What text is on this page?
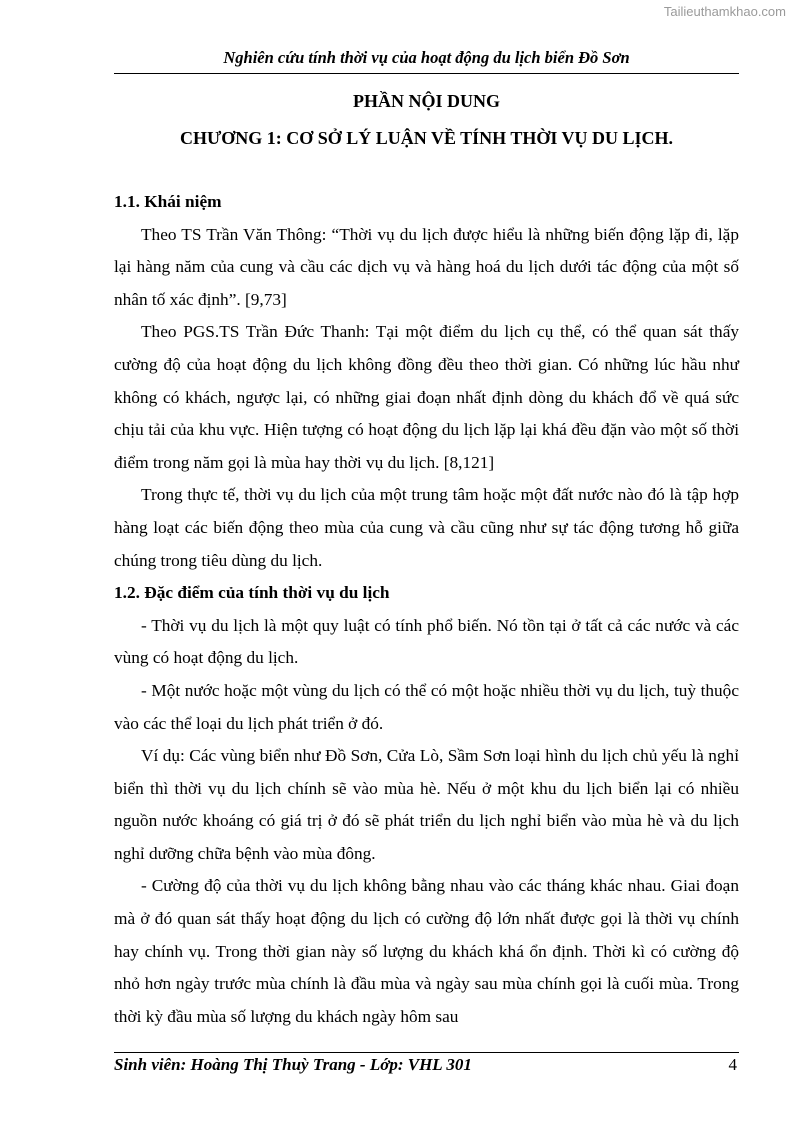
Tailieuthamkhao.com
Nghiên cứu tính thời vụ của hoạt động du lịch biển Đồ Sơn
PHẦN NỘI DUNG
CHƯƠNG 1: CƠ SỞ LÝ LUẬN VỀ TÍNH THỜI VỤ DU LỊCH.

1.1. Khái niệm

Theo TS Trần Văn Thông: “Thời vụ du lịch được hiểu là những biến động lặp đi, lặp lại hàng năm của cung và cầu các dịch vụ và hàng hoá du lịch dưới tác động của một số nhân tố xác định”. [9,73]

Theo PGS.TS Trần Đức Thanh: Tại một điểm du lịch cụ thể, có thể quan sát thấy cường độ của hoạt động du lịch không đồng đều theo thời gian. Có những lúc hầu như không có khách, ngược lại, có những giai đoạn nhất định dòng du khách đổ về quá sức chịu tải của khu vực. Hiện tượng có hoạt động du lịch lặp lại khá đều đặn vào một số thời điểm trong năm gọi là mùa hay thời vụ du lịch. [8,121]

Trong thực tế, thời vụ du lịch của một trung tâm hoặc một đất nước nào đó là tập hợp hàng loạt các biến động theo mùa của cung và cầu cũng như sự tác động tương hỗ giữa chúng trong tiêu dùng du lịch.

1.2. Đặc điểm của tính thời vụ du lịch

- Thời vụ du lịch là một quy luật có tính phổ biến. Nó tồn tại ở tất cả các nước và các vùng có hoạt động du lịch.

- Một nước hoặc một vùng du lịch có thể có một hoặc nhiều thời vụ du lịch, tuỳ thuộc vào các thể loại du lịch phát triển ở đó.

Ví dụ: Các vùng biển như Đồ Sơn, Cửa Lò, Sầm Sơn loại hình du lịch chủ yếu là nghỉ biển thì thời vụ du lịch chính sẽ vào mùa hè. Nếu ở một khu du lịch biển lại có nhiều nguồn nước khoáng có giá trị ở đó sẽ phát triển du lịch nghỉ biển vào mùa hè và du lịch nghỉ dưỡng chữa bệnh vào mùa đông.

- Cường độ của thời vụ du lịch không bằng nhau vào các tháng khác nhau. Giai đoạn mà ở đó quan sát thấy hoạt động du lịch có cường độ lớn nhất được gọi là thời vụ chính hay chính vụ. Trong thời gian này số lượng du khách khá ổn định. Thời kì có cường độ nhỏ hơn ngày trước mùa chính là đầu mùa và ngày sau mùa chính gọi là cuối mùa. Trong thời kỳ đầu mùa số lượng du khách ngày hôm sau

Sinh viên: Hoàng Thị Thuỳ Trang - Lớp: VHL 301	4
